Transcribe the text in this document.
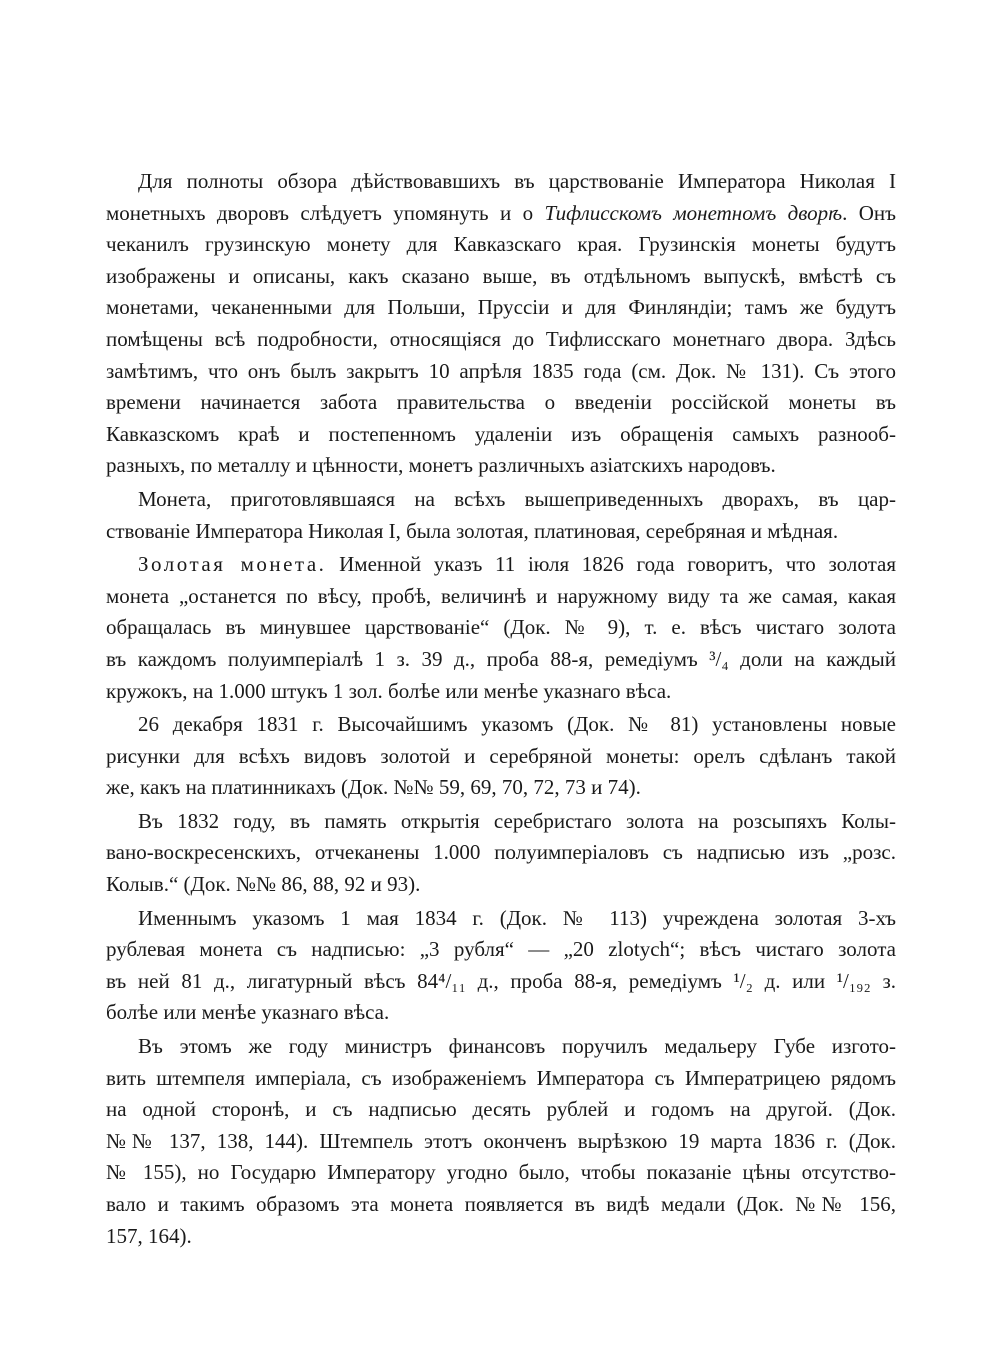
Для полноты обзора дѣйствовавшихъ въ царствованіе Императора Николая I
монетныхъ дворовъ слѣдуетъ упомянуть и о Тифлисскомъ монетномъ дворѣ. Онъ
чеканилъ грузинскую монету для Кавказскаго края. Грузинскія монеты будутъ
изображены и описаны, какъ сказано выше, въ отдѣльномъ выпускѣ, вмѣстѣ съ
монетами, чеканенными для Польши, Пруссіи и для Финляндіи; тамъ же будутъ
помѣщены всѣ подробности, относящіяся до Тифлисскаго монетнаго двора. Здѣсь
замѣтимъ, что онъ былъ закрытъ 10 апрѣля 1835 года (см. Док. № 131). Съ этого
времени начинается забота правительства о введеніи россійской монеты въ
Кавказскомъ краѣ и постепенномъ удаленіи изъ обращенія самыхъ разнооб-
разныхъ, по металлу и цѣнности, монетъ различныхъ азіатскихъ народовъ.
Монета, приготовлявшаяся на всѣхъ вышеприведенныхъ дворахъ, въ цар-
ствованіе Императора Николая I, была золотая, платиновая, серебряная и мѣдная.
Золотая монета. Именной указъ 11 іюля 1826 года говоритъ, что золотая
монета „останется по вѣсу, пробѣ, величинѣ и наружному виду та же самая, какая
обращалась въ минувшее царствованіе“ (Док. № 9), т. е. вѣсъ чистаго золота
въ каждомъ полуимперіалѣ 1 з. 39 д., проба 88-я, ремедіумъ ³/₄ доли на каждый
кружокъ, на 1.000 штукъ 1 зол. болѣе или менѣе указнаго вѣса.
26 декабря 1831 г. Высочайшимъ указомъ (Док. № 81) установлены новые
рисунки для всѣхъ видовъ золотой и серебряной монеты: орелъ сдѣланъ такой
же, какъ на платинникахъ (Док. №№ 59, 69, 70, 72, 73 и 74).
Въ 1832 году, въ память открытія серебристаго золота на розсыпяхъ Колы-
вано-воскресенскихъ, отчеканены 1.000 полуимперіаловъ съ надписью изъ „розс.
Колыв.“ (Док. №№ 86, 88, 92 и 93).
Именнымъ указомъ 1 мая 1834 г. (Док. № 113) учреждена золотая 3-хъ
рублевая монета съ надписью: „3 рубля“ — „20 zlotych“; вѣсъ чистаго золота
въ ней 81 д., лигатурный вѣсъ 84⁴/₁₁ д., проба 88-я, ремедіумъ ¹/₂ д. или ¹/₁₉₂ з.
болѣе или менѣе указнаго вѣса.
Въ этомъ же году министръ финансовъ поручилъ медальеру Губе изгото-
вить штемпеля имперіала, съ изображеніемъ Императора съ Императрицею рядомъ
на одной сторонѣ, и съ надписью десять рублей и годомъ на другой. (Док.
№№ 137, 138, 144). Штемпель этотъ оконченъ вырѣзкою 19 марта 1836 г. (Док.
№ 155), но Государю Императору угодно было, чтобы показаніе цѣны отсутство-
вало и такимъ образомъ эта монета появляется въ видѣ медали (Док. №№ 156,
157, 164).
